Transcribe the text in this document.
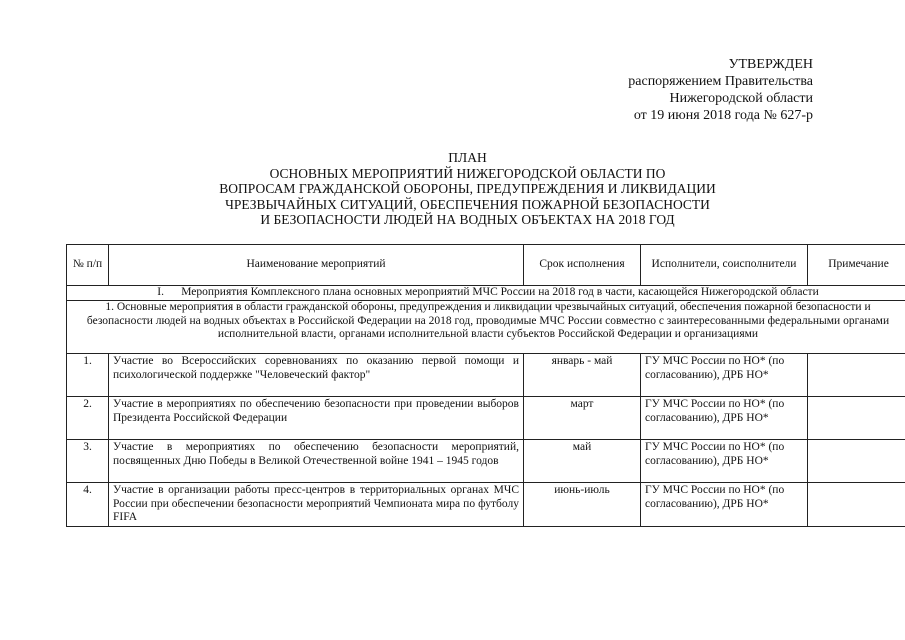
УТВЕРЖДЕН
распоряжением Правительства
Нижегородской области
от 19 июня 2018 года № 627-р
ПЛАН
ОСНОВНЫХ МЕРОПРИЯТИЙ НИЖЕГОРОДСКОЙ ОБЛАСТИ ПО
ВОПРОСАМ ГРАЖДАНСКОЙ ОБОРОНЫ, ПРЕДУПРЕЖДЕНИЯ И ЛИКВИДАЦИИ
ЧРЕЗВЫЧАЙНЫХ СИТУАЦИЙ, ОБЕСПЕЧЕНИЯ ПОЖАРНОЙ БЕЗОПАСНОСТИ
И БЕЗОПАСНОСТИ ЛЮДЕЙ НА ВОДНЫХ ОБЪЕКТАХ НА 2018 ГОД
№ п/п	Наименование мероприятий	Срок исполнения	Исполнители, соисполнители	Примечание
I. Мероприятия Комплексного плана основных мероприятий МЧС России на 2018 год в части, касающейся Нижегородской области				
1. Основные мероприятия в области гражданской обороны, предупреждения и ликвидации чрезвычайных ситуаций, обеспечения пожарной безопасности и безопасности людей на водных объектах в Российской Федерации на 2018 год, проводимые МЧС России совместно с заинтересованными федеральными органами исполнительной власти, органами исполнительной власти субъектов Российской Федерации и организациями				
1.	Участие во Всероссийских соревнованиях по оказанию первой помощи и психологической поддержке "Человеческий фактор"	январь - май	ГУ МЧС России по НО* (по согласованию), ДРБ НО*	
2.	Участие в мероприятиях по обеспечению безопасности при проведении выборов Президента Российской Федерации	март	ГУ МЧС России по НО* (по согласованию), ДРБ НО*	
3.	Участие в мероприятиях по обеспечению безопасности мероприятий, посвященных Дню Победы в Великой Отечественной войне 1941 – 1945 годов	май	ГУ МЧС России по НО* (по согласованию), ДРБ НО*	
4.	Участие в организации работы пресс-центров в территориальных органах МЧС России при обеспечении безопасности мероприятий Чемпионата мира по футболу FIFA	июнь-июль	ГУ МЧС России по НО* (по согласованию), ДРБ НО*	
